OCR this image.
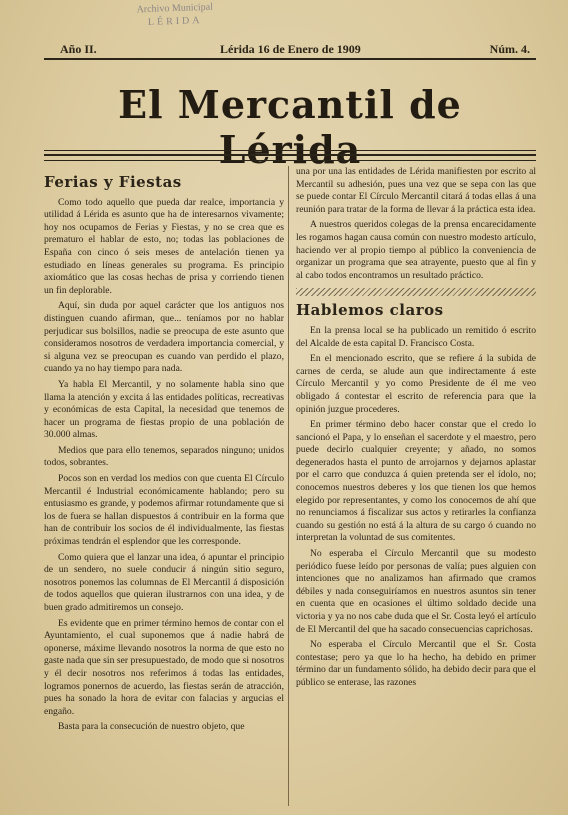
Archivo Municipal
LÉRIDA
Año II.	Lérida 16 de Enero de 1909	Núm. 4.
El Mercantil de Lérida
Ferias y Fiestas

Como todo aquello que pueda dar realce, importancia y utilidad á Lérida es asunto que ha de interesarnos vivamente; hoy nos ocupamos de Ferias y Fiestas, y no se crea que es prematuro el hablar de esto, no; todas las poblaciones de España con cinco ó seis meses de antelación tienen ya estudiado en líneas generales su programa. Es principio axiomático que las cosas hechas de prisa y corriendo tienen un fin deplorable.

Aquí, sin duda por aquel carácter que los antiguos nos distinguen cuando afirman, que... teníamos por no hablar perjudicar sus bolsillos, nadie se preocupa de este asunto que consideramos nosotros de verdadera importancia comercial, y si alguna vez se preocupan es cuando van perdido el plazo, cuando ya no hay tiempo para nada.

Ya habla El Mercantil, y no solamente habla sino que llama la atención y excita á las entidades políticas, recreativas y económicas de esta Capital, la necesidad que tenemos de hacer un programa de fiestas propio de una población de 30.000 almas.

Medios que para ello tenemos, separados ninguno; unidos todos, sobrantes.

Pocos son en verdad los medios con que cuenta El Círculo Mercantil é Industrial económicamente hablando; pero su entusiasmo es grande, y podemos afirmar rotundamente que si los de fuera se hallan dispuestos á contribuir en la forma que han de contribuir los socios de él individualmente, las fiestas próximas tendrán el esplendor que les corresponde.

Como quiera que el lanzar una idea, ó apuntar el principio de un sendero, no suele conducir á ningún sitio seguro, nosotros ponemos las columnas de El Mercantil á disposición de todos aquellos que quieran ilustrarnos con una idea, y de buen grado admitiremos un consejo.

Es evidente que en primer término hemos de contar con el Ayuntamiento, el cual suponemos que á nadie habrá de oponerse, máxime llevando nosotros la norma de que esto no gaste nada que sin ser presupuestado, de modo que si nosotros y él decir nosotros nos referimos á todas las entidades, logramos ponernos de acuerdo, las fiestas serán de atracción, pues ha sonado la hora de evitar con falacias y argucias el engaño.

Basta para la consecución de nuestro objeto, que

una por una las entidades de Lérida manifiesten por escrito al Mercantil su adhesión, pues una vez que se sepa con las que se puede contar El Círculo Mercantil citará á todas ellas á una reunión para tratar de la forma de llevar á la práctica esta idea.

A nuestros queridos colegas de la prensa encarecidamente les rogamos hagan causa común con nuestro modesto artículo, haciendo ver al propio tiempo al público la conveniencia de organizar un programa que sea atrayente, puesto que al fin y al cabo todos encontramos un resultado práctico.

Hablemos claros

En la prensa local se ha publicado un remitido ó escrito del Alcalde de esta capital D. Francisco Costa.

En el mencionado escrito, que se refiere á la subida de carnes de cerda, se alude aun que indirectamente á este Círculo Mercantil y yo como Presidente de él me veo obligado á contestar el escrito de referencia para que la opinión juzgue procederes.

En primer término debo hacer constar que el credo lo sancionó el Papa, y lo enseñan el sacerdote y el maestro, pero puede decirlo cualquier creyente; y añado, no somos degenerados hasta el punto de arrojarnos y dejarnos aplastar por el carro que conduzca á quien pretenda ser el ídolo, no; conocemos nuestros deberes y los que tienen los que hemos elegido por representantes, y como los conocemos de ahí que no renunciamos á fiscalizar sus actos y retirarles la confianza cuando su gestión no está á la altura de su cargo ó cuando no interpretan la voluntad de sus comitentes.

No esperaba el Círculo Mercantil que su modesto periódico fuese leído por personas de valía; pues alguien con intenciones que no analizamos han afirmado que cramos débiles y nada conseguiríamos en nuestros asuntos sin tener en cuenta que en ocasiones el último soldado decide una victoria y ya no nos cabe duda que el Sr. Costa leyó el artículo de El Mercantil del que ha sacado consecuencias caprichosas.

No esperaba el Círculo Mercantil que el Sr. Costa contestase; pero ya que lo ha hecho, ha debido en primer término dar un fundamento sólido, ha debido decir para que el público se enterase, las razones
